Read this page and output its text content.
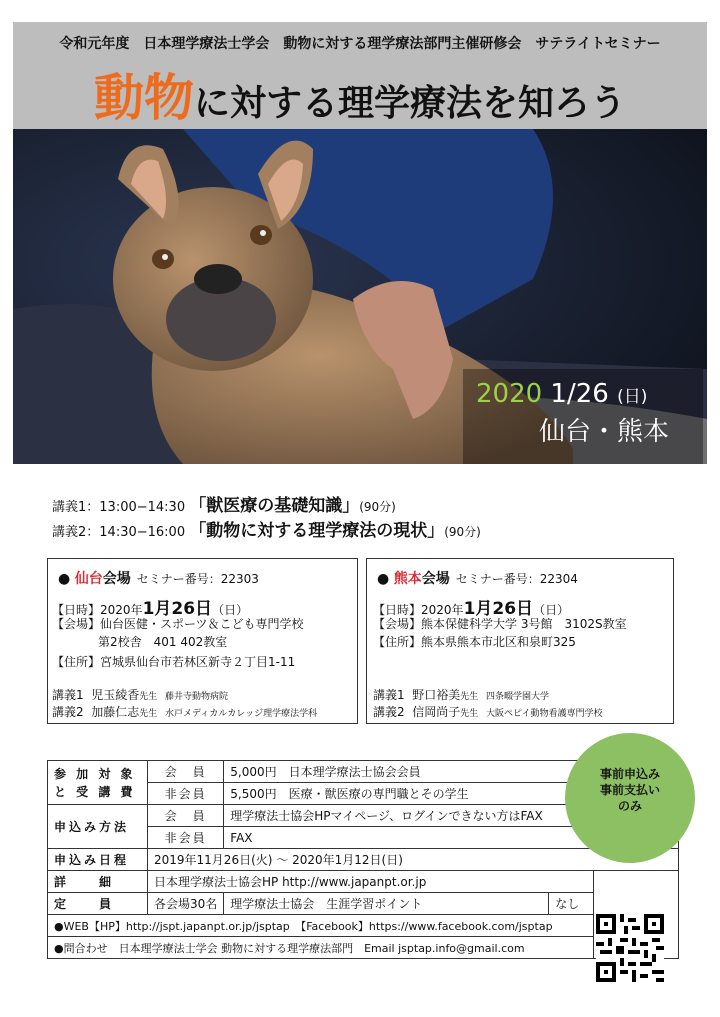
令和元年度　日本理学療法士学会　動物に対する理学療法部門主催研修会　サテライトセミナー
動物に対する理学療法を知ろう
2020 1/26 (日)
仙台・熊本
講義1：13:00−14:30 「獣医療の基礎知識」(90分)
講義2：14:30−16:00 「動物に対する理学療法の現状」(90分)
● 仙台会場 セミナー番号：22303
【日時】2020年1月26日（日）
【会場】仙台医健・スポーツ＆こども専門学校
第2校舎　401 402教室
【住所】宮城県仙台市若林区新寺２丁目1-11
講義1 児玉綾香先生 藤井寺動物病院
講義2 加藤仁志先生 水戸メディカルカレッジ理学療法学科
● 熊本会場 セミナー番号：22304
【日時】2020年1月26日（日）
【会場】熊本保健科学大学 3号館　3102S教室
【住所】熊本県熊本市北区和泉町325
講義1 野口裕美先生 四条畷学園大学
講義2 信岡尚子先生 大阪ペピイ動物看護専門学校
参 加 対 象
と 受 講 費	会　員	5,000円　日本理学療法士協会会員		
	非会員	5,500円　医療・獣医療の専門職とその学生		
申込み方法	会　員	理学療法士協会HPマイページ、ログインできない方はFAX		
	非会員	FAX		
申込み日程	2019年11月26日(火) ～ 2020年1月12日(日)			
詳　　細	日本理学療法士協会HP http://www.japanpt.or.jp			
定　　員	各会場30名	理学療法士協会　生涯学習ポイント	なし	
●WEB【HP】http://jspt.japanpt.or.jp/jsptap　【Facebook】https://www.facebook.com/jsptap				
●問合わせ　日本理学療法士学会 動物に対する理学療法部門　Email jsptap.info@gmail.com				
事前申込み
事前支払い
のみ
